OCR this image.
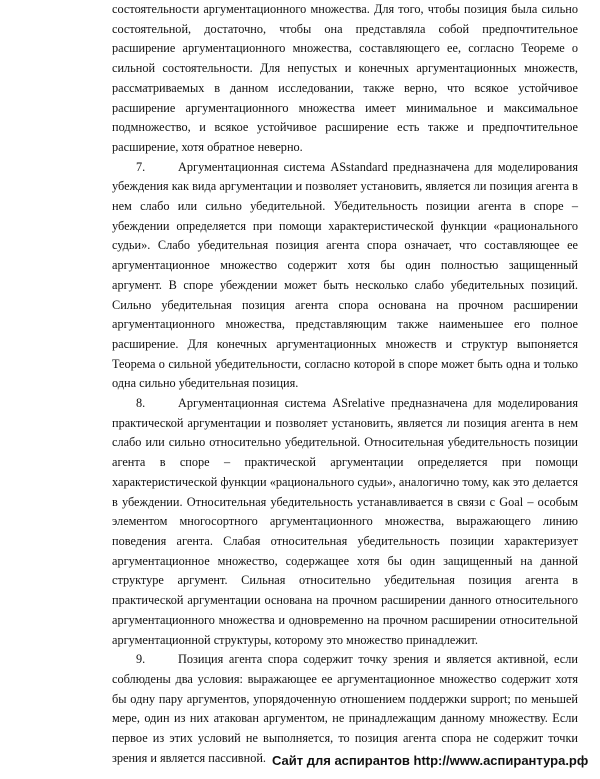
состоятельности аргументационного множества. Для того, чтобы позиция была сильно состоятельной, достаточно, чтобы она представляла собой предпочтительное расширение аргументационного множества, составляющего ее, согласно Теореме о сильной состоятельности. Для непустых и конечных аргументационных множеств, рассматриваемых в данном исследовании, также верно, что всякое устойчивое расширение аргументационного множества имеет минимальное и максимальное подмножество, и всякое устойчивое расширение есть также и предпочтительное расширение, хотя обратное неверно.

7.	Аргументационная система ASstandard предназначена для моделирования убеждения как вида аргументации и позволяет установить, является ли позиция агента в нем слабо или сильно убедительной. Убедительность позиции агента в споре – убеждении определяется при помощи характеристической функции «рационального судьи». Слабо убедительная позиция агента спора означает, что составляющее ее аргументационное множество содержит хотя бы один полностью защищенный аргумент. В споре убеждении может быть несколько слабо убедительных позиций. Сильно убедительная позиция агента спора основана на прочном расширении аргументационного множества, представляющим также наименьшее его полное расширение. Для конечных аргументационных множеств и структур выпоняется Теорема о сильной убедительности, согласно которой в споре может быть одна и только одна сильно убедительная позиция.

8.	Аргументационная система ASrelative предназначена для моделирования практической аргументации и позволяет установить, является ли позиция агента в нем слабо или сильно относительно убедительной. Относительная убедительность позиции агента в споре – практической аргументации определяется при помощи характеристической функции «рационального судьи», аналогично тому, как это делается в убеждении. Относительная убедительность устанавливается в связи с Goal – особым элементом многосортного аргументационного множества, выражающего линию поведения агента. Слабая относительная убедительность позиции характеризует аргументационное множество, содержащее хотя бы один защищенный на данной структуре аргумент. Сильная относительно убедительная позиция агента в практической аргументации основана на прочном расширении данного относительного аргументационного множества и одновременно на прочном расширении относительной аргументационной структуры, которому это множество принадлежит.

9.	Позиция агента спора содержит точку зрения и является активной, если соблюдены два условия: выражающее ее аргументационное множество содержит хотя бы одну пару аргументов, упорядоченную отношением поддержки support; по меньшей мере, один из них атакован аргументом, не принадлежащим данному множеству. Если первое из этих условий не выполняется, то позиция агента спора не содержит точки зрения и является пассивной. Сайт для аспирантов http://www.аспирантура.рф
